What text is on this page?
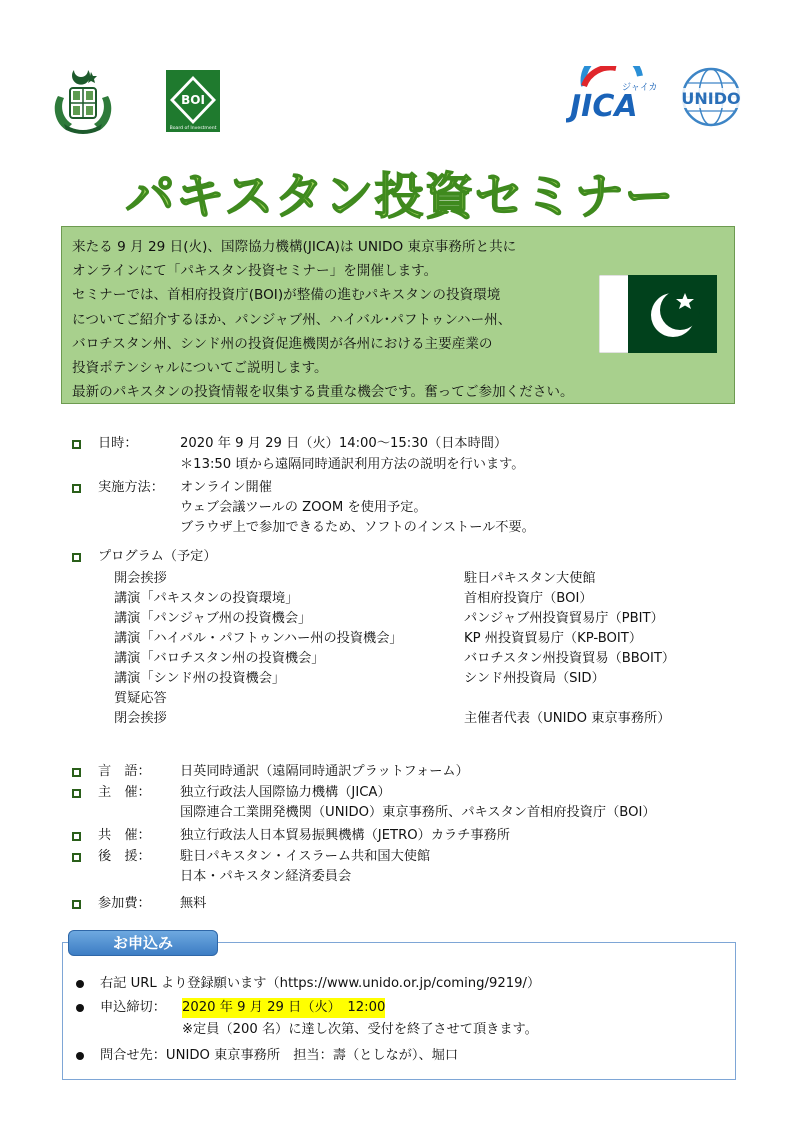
BOI
Board of Investment
JICA
ジャイカ
UNIDO
パキスタン投資セミナー
来たる 9 月 29 日(火)、国際協力機構(JICA)は UNIDO 東京事務所と共に
オンラインにて「パキスタン投資セミナー」を開催します。
セミナーでは、首相府投資庁(BOI)が整備の進むパキスタンの投資環境
についてご紹介するほか、パンジャブ州、ハイバル･パフトゥンハー州、
バロチスタン州、シンド州の投資促進機関が各州における主要産業の
投資ポテンシャルについてご説明します。
最新のパキスタンの投資情報を収集する貴重な機会です。奮ってご参加ください。
日時：	2020 年 9 月 29 日（火）14:00～15:30（日本時間）
＊13:50 頃から遠隔同時通訳利用方法の説明を行います。
実施方法： オンライン開催
ウェブ会議ツールの ZOOM を使用予定。
ブラウザ上で参加できるため、ソフトのインストール不要。
プログラム（予定）
開会挨拶	駐日パキスタン大使館
講演「パキスタンの投資環境」	首相府投資庁（BOI）
講演「パンジャブ州の投資機会」	パンジャブ州投資貿易庁（PBIT）
講演「ハイバル・パフトゥンハー州の投資機会」	KP 州投資貿易庁（KP-BOIT）
講演「バロチスタン州の投資機会」	バロチスタン州投資貿易（BBOIT）
講演「シンド州の投資機会」	シンド州投資局（SID）
質疑応答
閉会挨拶	主催者代表（UNIDO 東京事務所）
言　語： 日英同時通訳（遠隔同時通訳プラットフォーム）
主　催： 独立行政法人国際協力機構（JICA）
国際連合工業開発機関（UNIDO）東京事務所、パキスタン首相府投資庁（BOI）
共　催： 独立行政法人日本貿易振興機構（JETRO）カラチ事務所
後　援： 駐日パキスタン・イスラーム共和国大使館
日本・パキスタン経済委員会
参加費： 無料
お申込み
右記 URL より登録願います（https://www.unido.or.jp/coming/9219/）
申込締切： 2020 年 9 月 29 日（火）　12:00
※定員（200 名）に達し次第、受付を終了させて頂きます。
問合せ先：UNIDO 東京事務所　担当：壽（としなが）、堀口
